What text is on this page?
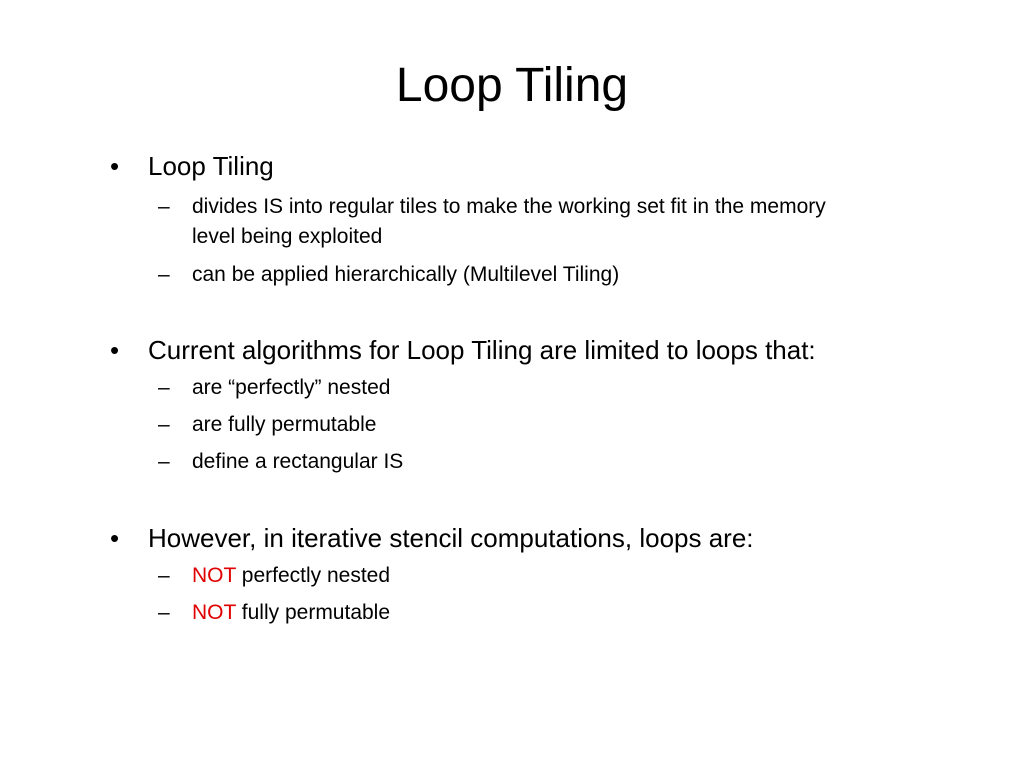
Loop Tiling
•	Loop Tiling
–	divides IS into regular tiles to make the working set fit in the memory
level being exploited
–	can be applied hierarchically (Multilevel Tiling)
•	Current algorithms for Loop Tiling are limited to loops that:
–	are “perfectly” nested
–	are fully permutable
–	define a rectangular IS
•	However, in iterative stencil computations, loops are:
–	NOT perfectly nested
–	NOT fully permutable
